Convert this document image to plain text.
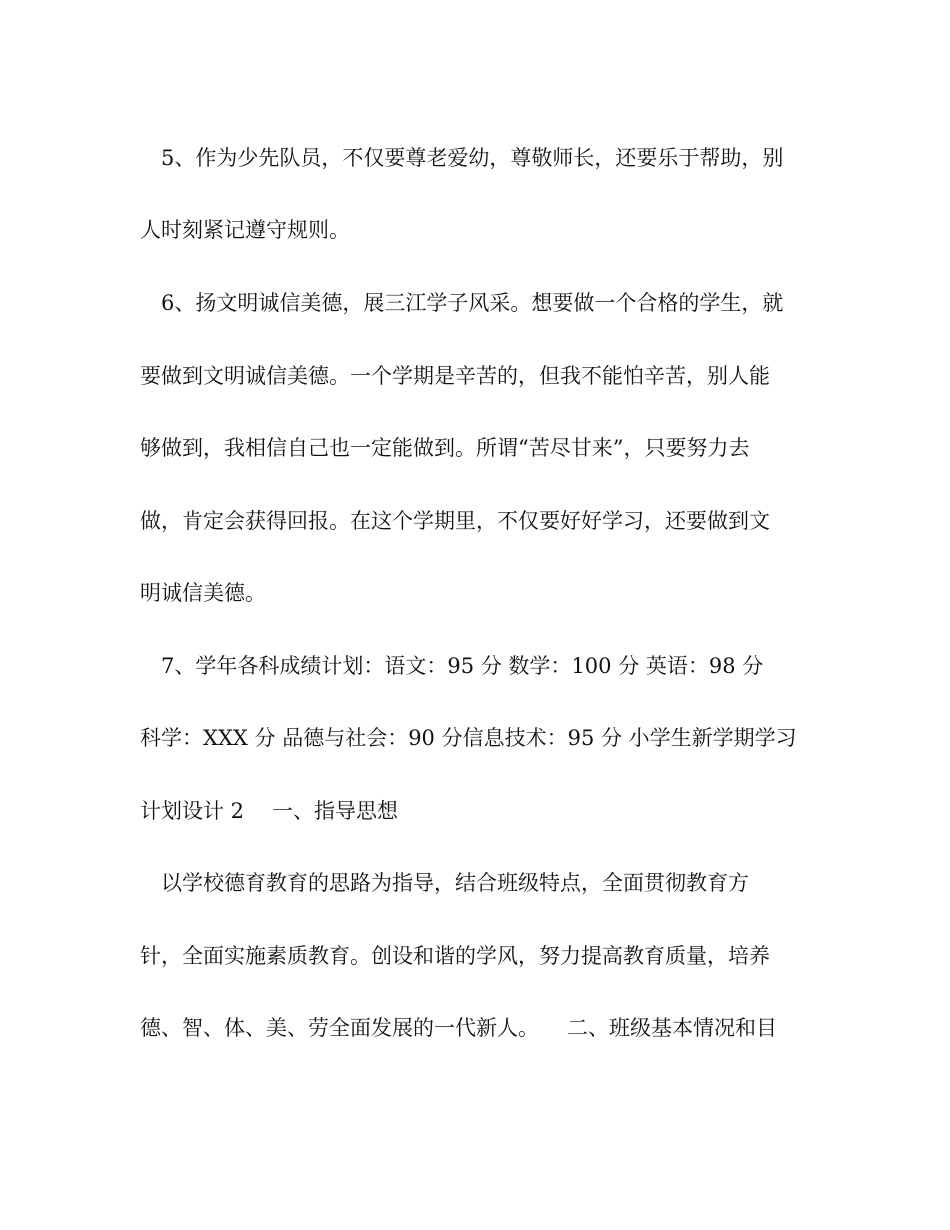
　5、作为少先队员，不仅要尊老爱幼，尊敬师长，还要乐于帮助，别
人时刻紧记遵守规则。
　6、扬文明诚信美德，展三江学子风采。想要做一个合格的学生，就
要做到文明诚信美德。一个学期是辛苦的，但我不能怕辛苦，别人能
够做到，我相信自己也一定能做到。所谓“苦尽甘来”，只要努力去
做，肯定会获得回报。在这个学期里，不仅要好好学习，还要做到文
明诚信美德。
　7、学年各科成绩计划：语文：95 分 数学：100 分 英语：98 分
科学：XXX 分 品德与社会：90 分信息技术：95 分 小学生新学期学习
计划设计 2 一、指导思想
　以学校德育教育的思路为指导，结合班级特点，全面贯彻教育方
针，全面实施素质教育。创设和谐的学风，努力提高教育质量，培养
德、智、体、美、劳全面发展的一代新人。 二、班级基本情况和目
